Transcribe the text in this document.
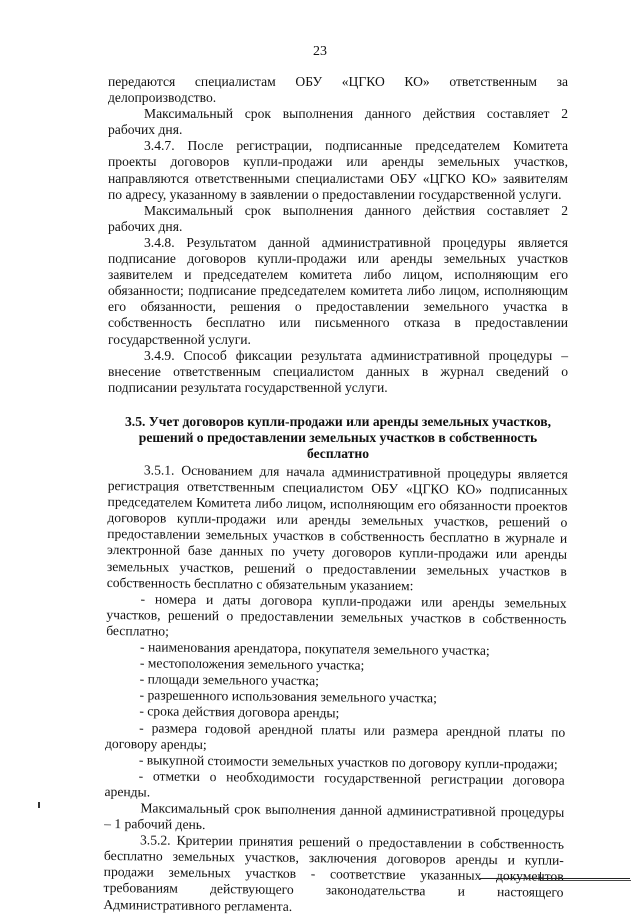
23

передаются специалистам ОБУ «ЦГКО КО» ответственным за делопроизводство.

Максимальный срок выполнения данного действия составляет 2 рабочих дня.

3.4.7. После регистрации, подписанные председателем Комитета проекты договоров купли-продажи или аренды земельных участков, направляются ответственными специалистами ОБУ «ЦГКО КО» заявителям по адресу, указанному в заявлении о предоставлении государственной услуги.

Максимальный срок выполнения данного действия составляет 2 рабочих дня.

3.4.8. Результатом данной административной процедуры является подписание договоров купли-продажи или аренды земельных участков заявителем и председателем комитета либо лицом, исполняющим его обязанности; подписание председателем комитета либо лицом, исполняющим его обязанности, решения о предоставлении земельного участка в собственность бесплатно или письменного отказа в предоставлении государственной услуги.

3.4.9. Способ фиксации результата административной процедуры – внесение ответственным специалистом данных в журнал сведений о подписании результата государственной услуги.

3.5. Учет договоров купли-продажи или аренды земельных участков,

решений о предоставлении земельных участков в собственность бесплатно

3.5.1. Основанием для начала административной процедуры является регистрация ответственным специалистом ОБУ «ЦГКО КО» подписанных председателем Комитета либо лицом, исполняющим его обязанности проектов договоров купли-продажи или аренды земельных участков, решений о предоставлении земельных участков в собственность бесплатно в журнале и электронной базе данных по учету договоров купли-продажи или аренды земельных участков, решений о предоставлении земельных участков в собственность бесплатно с обязательным указанием:

- номера и даты договора купли-продажи или аренды земельных участков, решений о предоставлении земельных участков в собственность бесплатно;

- наименования арендатора, покупателя земельного участка;

- местоположения земельного участка;

- площади земельного участка;

- разрешенного использования земельного участка;

- срока действия договора аренды;

- размера годовой арендной платы или размера арендной платы по договору аренды;

- выкупной стоимости земельных участков по договору купли-продажи;

- отметки о необходимости государственной регистрации договора аренды.

Максимальный срок выполнения данной административной процедуры – 1 рабочий день.

3.5.2. Критерии принятия решений о предоставлении в собственность бесплатно земельных участков, заключения договоров аренды и купли-продажи земельных участков - соответствие указанных документов требованиям действующего законодательства и настоящего Административного регламента.
